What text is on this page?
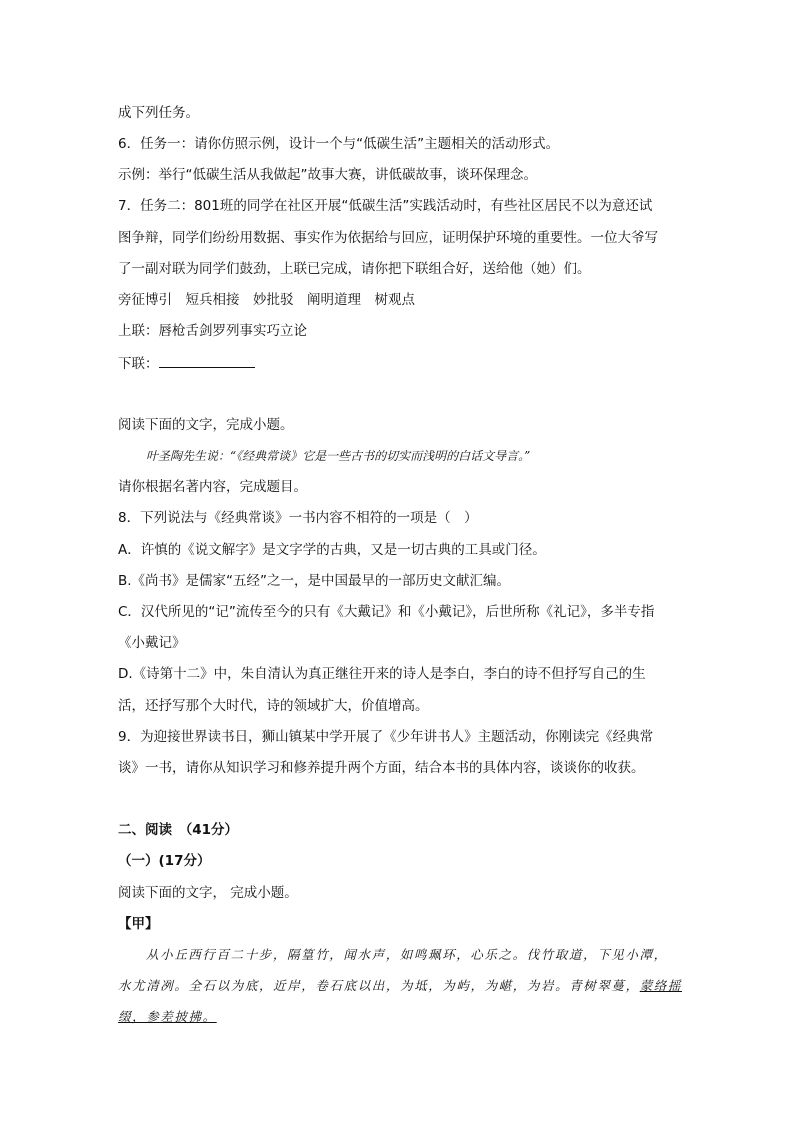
成下列任务。

6．任务一：请你仿照示例，设计一个与“低碳生活”主题相关的活动形式。

示例：举行“低碳生活从我做起”故事大赛，讲低碳故事，谈环保理念。

7．任务二：801班的同学在社区开展“低碳生活”实践活动时，有些社区居民不以为意还试

图争辩，同学们纷纷用数据、事实作为依据给与回应，证明保护环境的重要性。一位大爷写

了一副对联为同学们鼓劲，上联已完成，请你把下联组合好，送给他（她）们。

旁征博引　短兵相接　妙批驳　阐明道理　树观点

上联：唇枪舌剑罗列事实巧立论

下联：

阅读下面的文字，完成小题。

叶圣陶先生说：“《经典常谈》它是一些古书的切实而浅明的白话文导言。”

请你根据名著内容，完成题目。

8．下列说法与《经典常谈》一书内容不相符的一项是（　）

A．许慎的《说文解字》是文字学的古典，又是一切古典的工具或门径。

B.《尚书》是儒家“五经”之一，是中国最早的一部历史文献汇编。

C．汉代所见的“记”流传至今的只有《大戴记》和《小戴记》，后世所称《礼记》，多半专指

《小戴记》

D.《诗第十二》中，朱自清认为真正继往开来的诗人是李白，李白的诗不但抒写自己的生

活，还抒写那个大时代，诗的领域扩大，价值增高。

9．为迎接世界读书日，狮山镇某中学开展了《少年讲书人》主题活动，你刚读完《经典常

谈》一书，请你从知识学习和修养提升两个方面，结合本书的具体内容，谈谈你的收获。

二、阅读　（41分）

（一）(17分）

阅读下面的文字， 完成小题。

【甲】

从小丘西行百二十步，隔篁竹，闻水声，如鸣珮环，心乐之。伐竹取道，下见小潭，

水尤清冽。全石以为底，近岸，卷石底以出，为坻，为屿，为嵁，为岩。青树翠蔓，蒙络摇

缀，参差披拂。
